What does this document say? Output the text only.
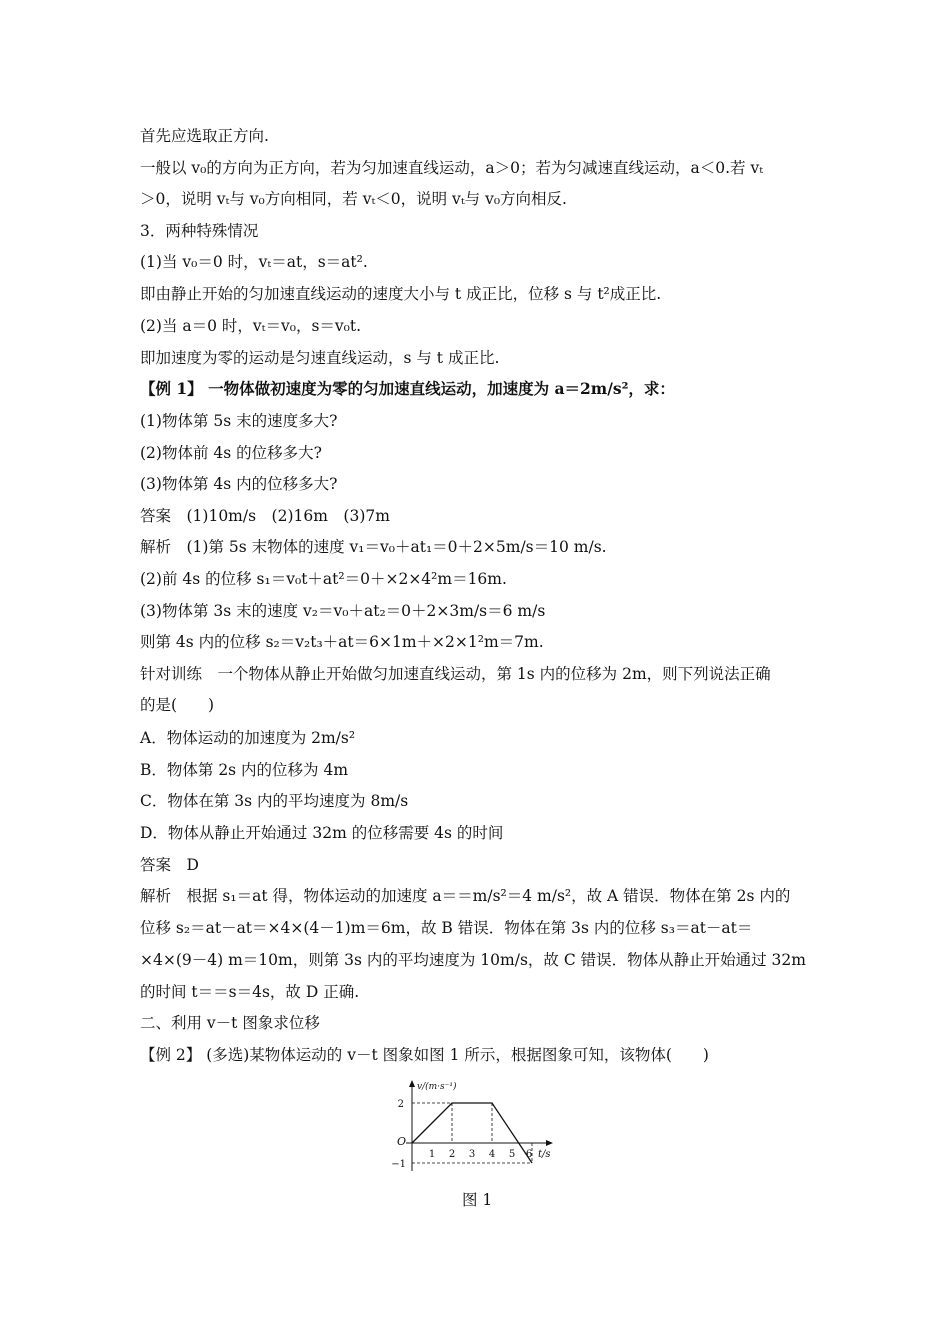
首先应选取正方向.
一般以 v₀的方向为正方向，若为匀加速直线运动，a＞0；若为匀减速直线运动，a＜0.若 vₜ
＞0，说明 vₜ与 v₀方向相同，若 vₜ＜0，说明 vₜ与 v₀方向相反.
3．两种特殊情况
(1)当 v₀＝0 时，vₜ＝at，s＝at².
即由静止开始的匀加速直线运动的速度大小与 t 成正比，位移 s 与 t²成正比.
(2)当 a＝0 时，vₜ＝v₀，s＝v₀t.
即加速度为零的运动是匀速直线运动，s 与 t 成正比.
【例 1】 一物体做初速度为零的匀加速直线运动，加速度为 a＝2m/s²，求：
(1)物体第 5s 末的速度多大?
(2)物体前 4s 的位移多大?
(3)物体第 4s 内的位移多大?
答案　(1)10m/s　(2)16m　(3)7m
解析　(1)第 5s 末物体的速度 v₁＝v₀＋at₁＝0＋2×5m/s＝10 m/s.
(2)前 4s 的位移 s₁＝v₀t＋at²＝0＋×2×4²m＝16m.
(3)物体第 3s 末的速度 v₂＝v₀＋at₂＝0＋2×3m/s＝6 m/s
则第 4s 内的位移 s₂＝v₂t₃＋at＝6×1m＋×2×1²m＝7m.
针对训练　一个物体从静止开始做匀加速直线运动，第 1s 内的位移为 2m，则下列说法正确
的是(　　)
A．物体运动的加速度为 2m/s²
B．物体第 2s 内的位移为 4m
C．物体在第 3s 内的平均速度为 8m/s
D．物体从静止开始通过 32m 的位移需要 4s 的时间
答案　D
解析　根据 s₁＝at 得，物体运动的加速度 a＝＝m/s²＝4 m/s²，故 A 错误．物体在第 2s 内的
位移 s₂＝at－at＝×4×(4－1)m＝6m，故 B 错误．物体在第 3s 内的位移 s₃＝at－at＝
×4×(9－4) m＝10m，则第 3s 内的平均速度为 10m/s，故 C 错误．物体从静止开始通过 32m
的时间 t＝＝s＝4s，故 D 正确.
二、利用 v－t 图象求位移
【例 2】 (多选)某物体运动的 v－t 图象如图 1 所示，根据图象可知，该物体(　　)
1 2 3 4 5 6
2
−1
O
v/(m·s⁻¹)
t/s
图 1
